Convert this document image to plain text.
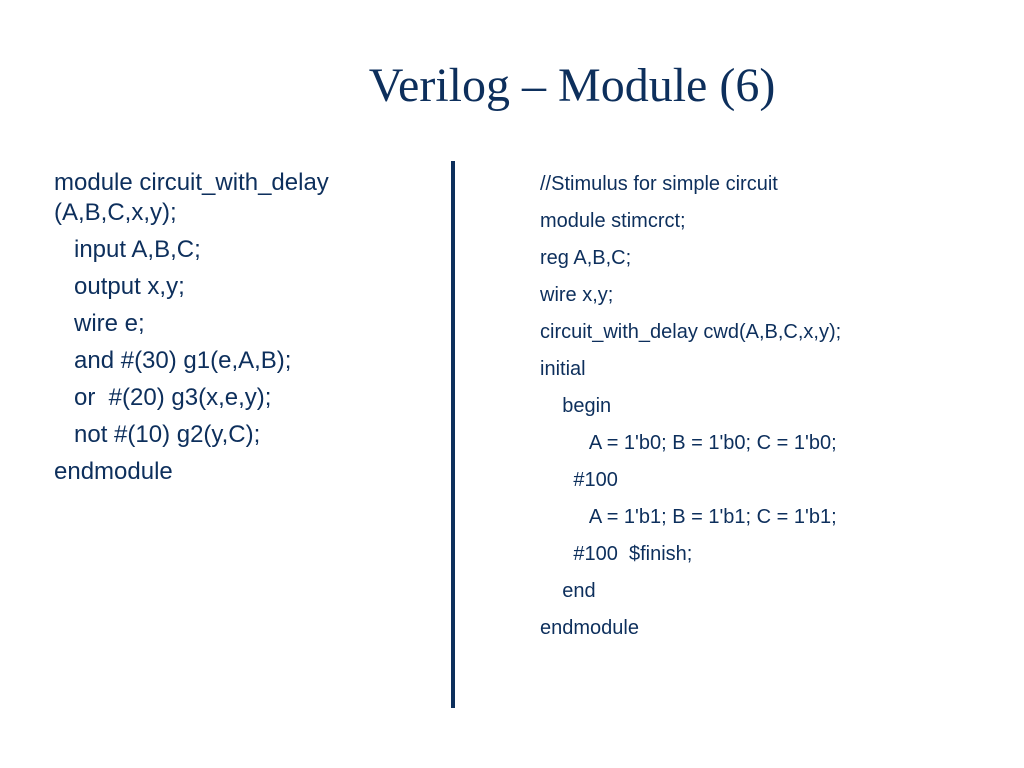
Verilog – Module (6)
module circuit_with_delay (A,B,C,x,y);
input A,B,C;
output x,y;
wire e;
and #(30) g1(e,A,B);
or  #(20) g3(x,e,y);
not #(10) g2(y,C);
endmodule
//Stimulus for simple circuit
module stimcrct;
reg A,B,C;
wire x,y;
circuit_with_delay cwd(A,B,C,x,y);
initial
begin
A = 1'b0; B = 1'b0; C = 1'b0;
#100
A = 1'b1; B = 1'b1; C = 1'b1;
#100  $finish;
end
endmodule
